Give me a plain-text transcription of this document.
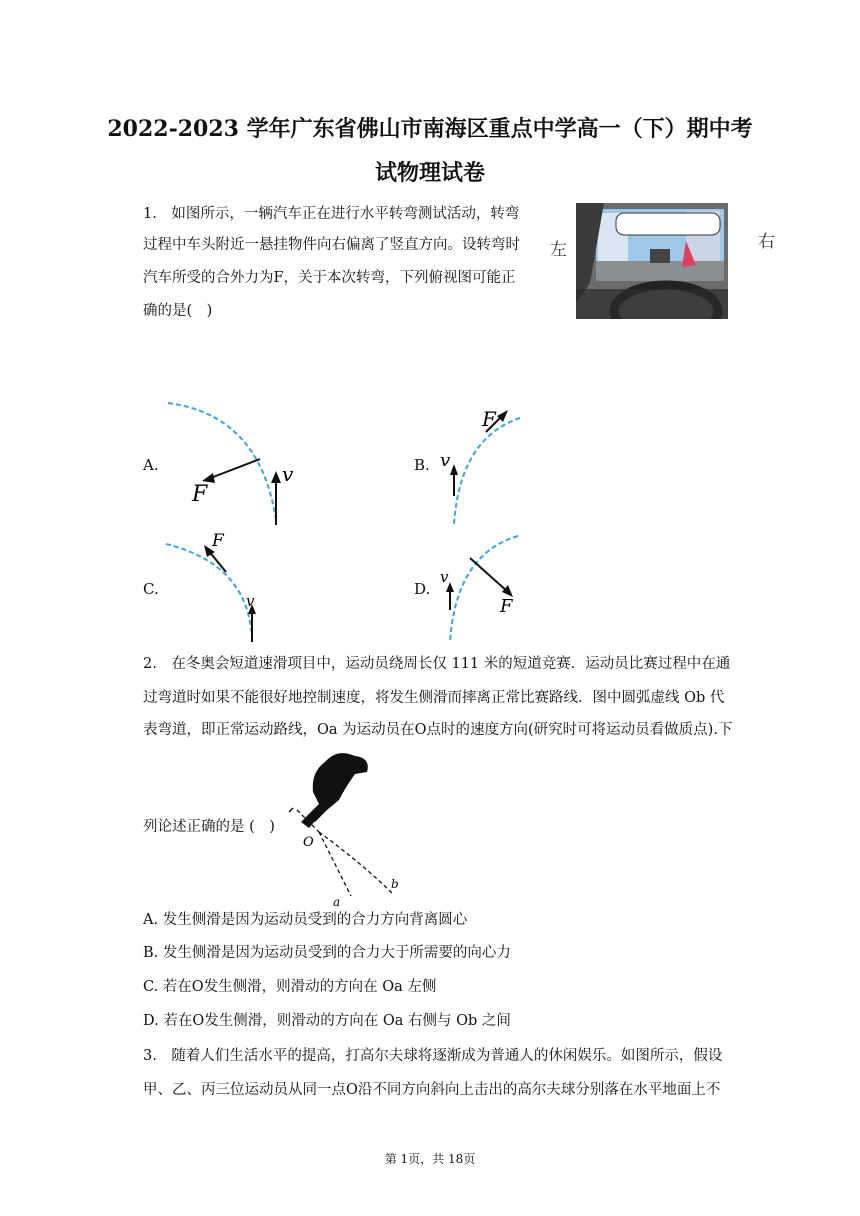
2022-2023 学年广东省佛山市南海区重点中学高一（下）期中考
试物理试卷
1.　如图所示，一辆汽车正在进行水平转弯测试活动，转弯
过程中车头附近一悬挂物件向右偏离了竖直方向。设转弯时
汽车所受的合外力为F，关于本次转弯，下列俯视图可能正
确的是(　)
左	右
A.
F
v	B.
F
v
C.
F
v
D.
F
v
2.　在冬奥会短道速滑项目中，运动员绕周长仅 111 米的短道竞赛．运动员比赛过程中在通
过弯道时如果不能很好地控制速度，将发生侧滑而摔离正常比赛路线．图中圆弧虚线 Ob 代
表弯道，即正常运动路线，Oa 为运动员在O点时的速度方向(研究时可将运动员看做质点).下
列论述正确的是 (　)
O
a
b
A. 发生侧滑是因为运动员受到的合力方向背离圆心
B. 发生侧滑是因为运动员受到的合力大于所需要的向心力
C. 若在O发生侧滑，则滑动的方向在 Oa 左侧
D. 若在O发生侧滑，则滑动的方向在 Oa 右侧与 Ob 之间
3.　随着人们生活水平的提高，打高尔夫球将逐渐成为普通人的休闲娱乐。如图所示，假设
甲、乙、丙三位运动员从同一点O沿不同方向斜向上击出的高尔夫球分别落在水平地面上不
第 1页，共 18页
